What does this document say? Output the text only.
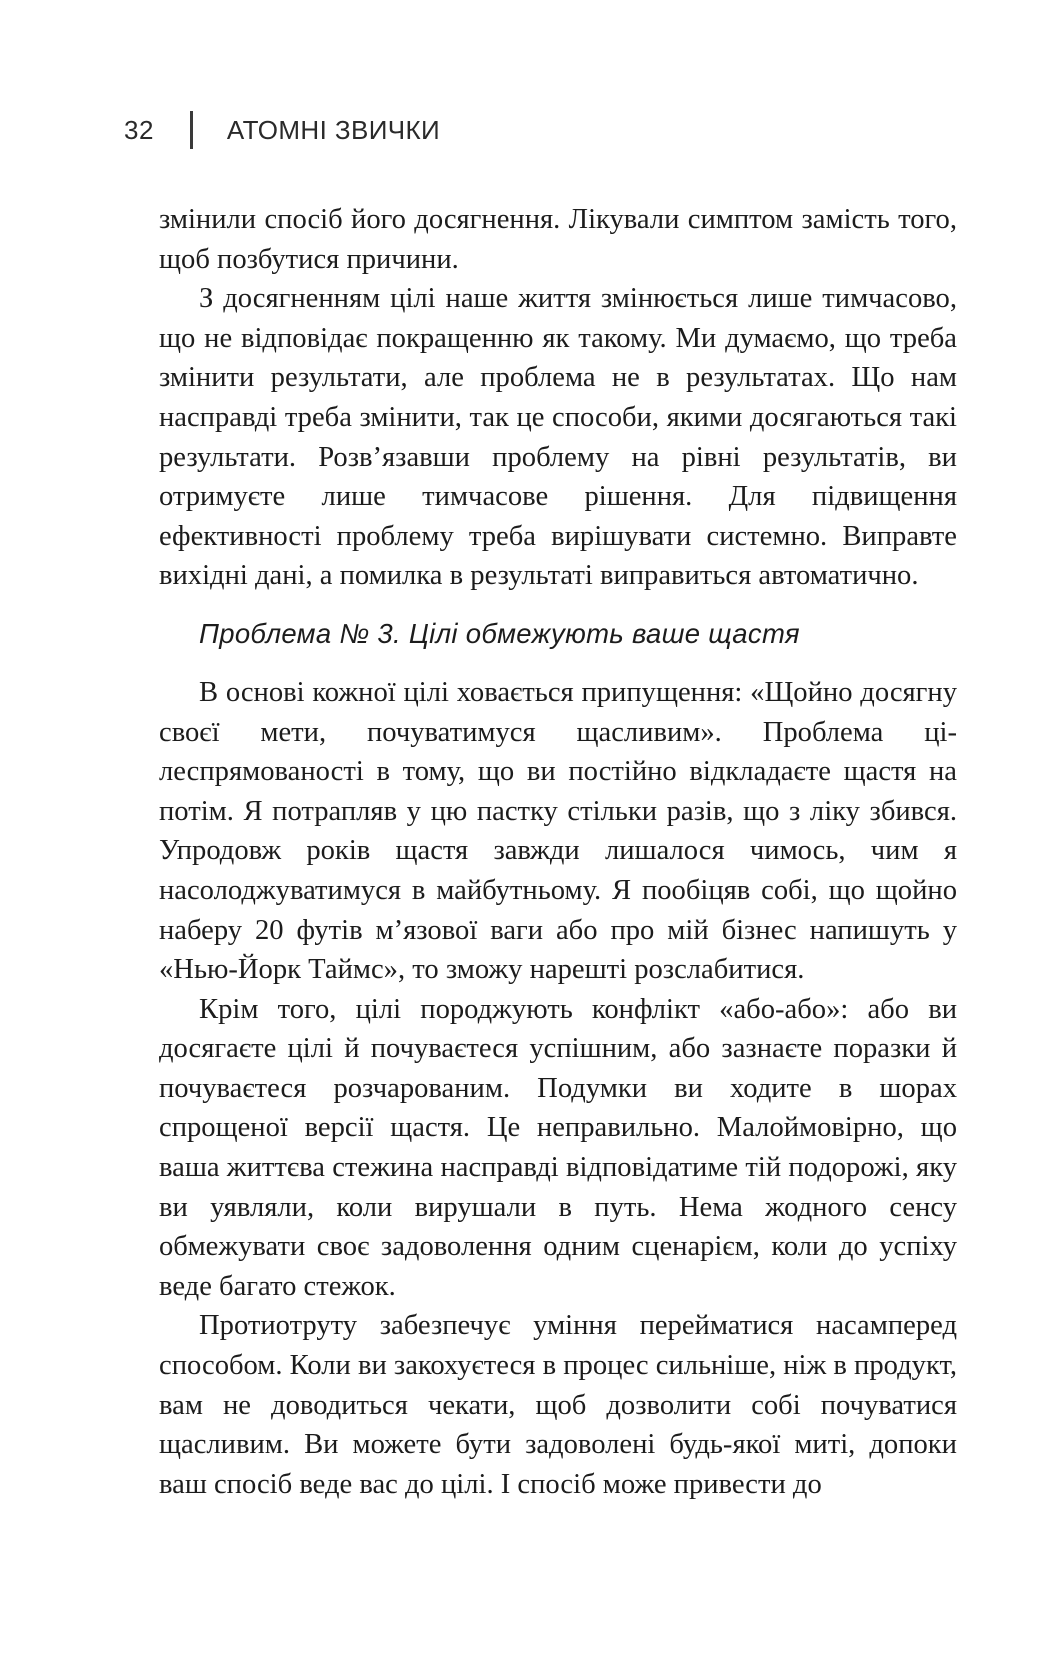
32	АТОМНІ ЗВИЧКИ

змінили спосіб його досягнення. Лікували симптом замість того, щоб позбутися причини.

З досягненням цілі наше життя змінюється лише тимчасово, що не відповідає покращенню як такому. Ми думаємо, що треба змінити результати, але проблема не в результатах. Що нам насправді треба змінити, так це способи, якими досягаються такі результати. Розв’язавши проблему на рівні результатів, ви отримуєте лише тимчасове рішення. Для підвищення ефективності проблему треба вирішувати системно. Виправте вихідні дані, а помилка в результаті виправиться автоматично.

Проблема № 3. Цілі обмежують ваше щастя

В основі кожної цілі ховається припущення: «Щойно досягну своєї мети, почуватимуся щасливим». Проблема цілеспрямованості в тому, що ви постійно відкладаєте щастя на потім. Я потрапляв у цю пастку стільки разів, що з ліку збився. Упродовж років щастя завжди лишалося чимось, чим я насолоджуватимуся в майбутньому. Я пообіцяв собі, що щойно наберу 20 футів м’язової ваги або про мій бізнес напишуть у «Нью-Йорк Таймс», то зможу нарешті розслабитися.

Крім того, цілі породжують конфлікт «або-або»: або ви досягаєте цілі й почуваєтеся успішним, або зазнаєте поразки й почуваєтеся розчарованим. Подумки ви ходите в шорах спрощеної версії щастя. Це неправильно. Малоймовірно, що ваша життєва стежина насправді відповідатиме тій подорожі, яку ви уявляли, коли вирушали в путь. Нема жодного сенсу обмежувати своє задоволення одним сценарієм, коли до успіху веде багато стежок.

Протиотруту забезпечує уміння перейматися насамперед способом. Коли ви закохуєтеся в процес сильніше, ніж в продукт, вам не доводиться чекати, щоб дозволити собі почуватися щасливим. Ви можете бути задоволені будь-якої миті, допоки ваш спосіб веде вас до цілі. І спосіб може привести до
